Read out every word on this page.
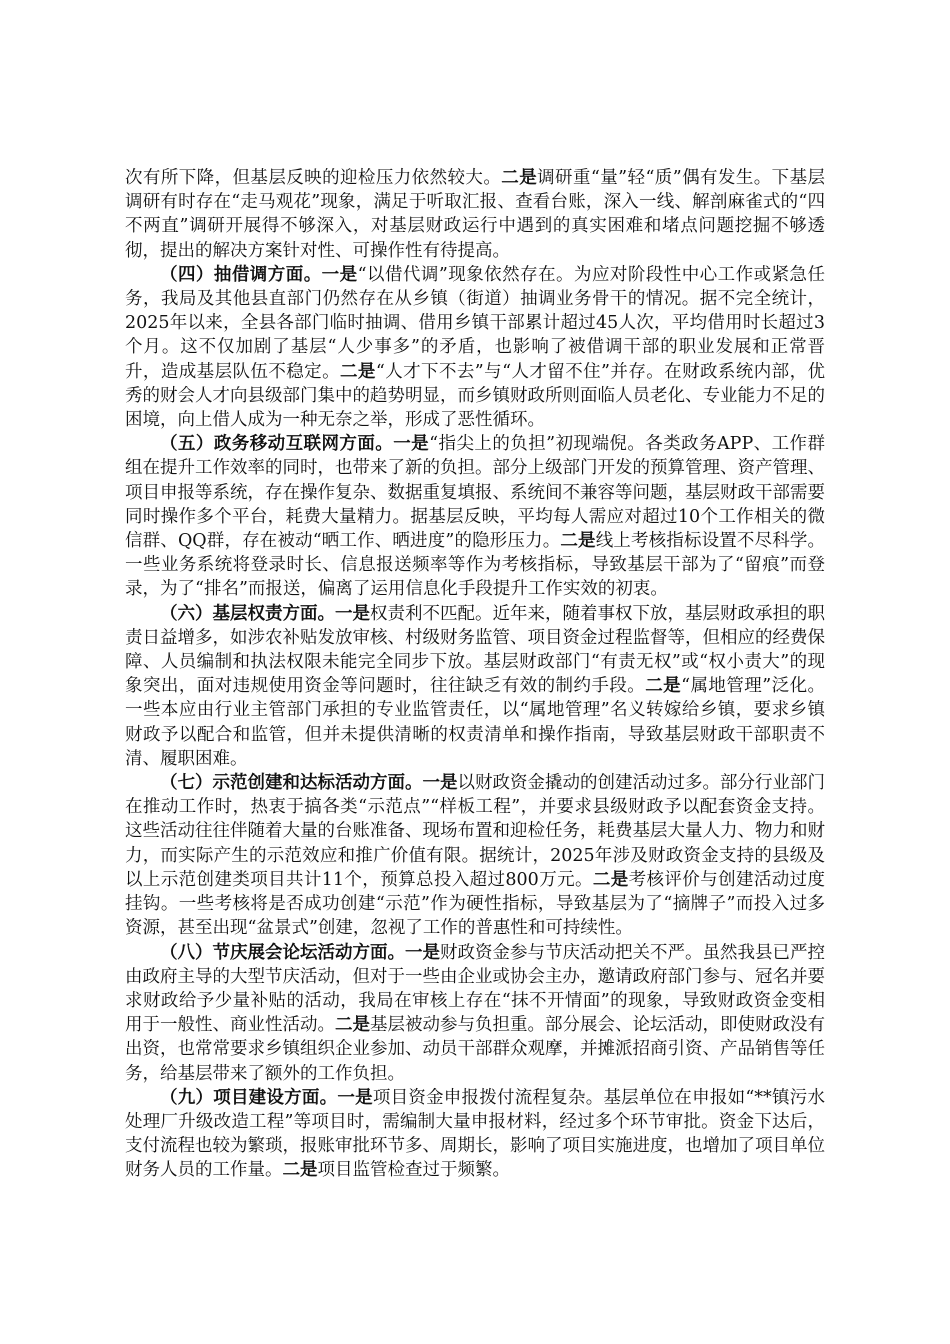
次有所下降，但基层反映的迎检压力依然较大。二是调研重“量”轻“质”偶有发生。下基层调研有时存在“走马观花”现象，满足于听取汇报、查看台账，深入一线、解剖麻雀式的“四不两直”调研开展得不够深入，对基层财政运行中遇到的真实困难和堵点问题挖掘不够透彻，提出的解决方案针对性、可操作性有待提高。

（四）抽借调方面。一是“以借代调”现象依然存在。为应对阶段性中心工作或紧急任务，我局及其他县直部门仍然存在从乡镇（街道）抽调业务骨干的情况。据不完全统计，2025年以来，全县各部门临时抽调、借用乡镇干部累计超过45人次，平均借用时长超过3个月。这不仅加剧了基层“人少事多”的矛盾，也影响了被借调干部的职业发展和正常晋升，造成基层队伍不稳定。二是“人才下不去”与“人才留不住”并存。在财政系统内部，优秀的财会人才向县级部门集中的趋势明显，而乡镇财政所则面临人员老化、专业能力不足的困境，向上借人成为一种无奈之举，形成了恶性循环。

（五）政务移动互联网方面。一是“指尖上的负担”初现端倪。各类政务APP、工作群组在提升工作效率的同时，也带来了新的负担。部分上级部门开发的预算管理、资产管理、项目申报等系统，存在操作复杂、数据重复填报、系统间不兼容等问题，基层财政干部需要同时操作多个平台，耗费大量精力。据基层反映，平均每人需应对超过10个工作相关的微信群、QQ群，存在被动“晒工作、晒进度”的隐形压力。二是线上考核指标设置不尽科学。一些业务系统将登录时长、信息报送频率等作为考核指标，导致基层干部为了“留痕”而登录，为了“排名”而报送，偏离了运用信息化手段提升工作实效的初衷。

（六）基层权责方面。一是权责利不匹配。近年来，随着事权下放，基层财政承担的职责日益增多，如涉农补贴发放审核、村级财务监管、项目资金过程监督等，但相应的经费保障、人员编制和执法权限未能完全同步下放。基层财政部门“有责无权”或“权小责大”的现象突出，面对违规使用资金等问题时，往往缺乏有效的制约手段。二是“属地管理”泛化。一些本应由行业主管部门承担的专业监管责任，以“属地管理”名义转嫁给乡镇，要求乡镇财政予以配合和监管，但并未提供清晰的权责清单和操作指南，导致基层财政干部职责不清、履职困难。

（七）示范创建和达标活动方面。一是以财政资金撬动的创建活动过多。部分行业部门在推动工作时，热衷于搞各类“示范点”“样板工程”，并要求县级财政予以配套资金支持。这些活动往往伴随着大量的台账准备、现场布置和迎检任务，耗费基层大量人力、物力和财力，而实际产生的示范效应和推广价值有限。据统计，2025年涉及财政资金支持的县级及以上示范创建类项目共计11个，预算总投入超过800万元。二是考核评价与创建活动过度挂钩。一些考核将是否成功创建“示范”作为硬性指标，导致基层为了“摘牌子”而投入过多资源，甚至出现“盆景式”创建，忽视了工作的普惠性和可持续性。

（八）节庆展会论坛活动方面。一是财政资金参与节庆活动把关不严。虽然我县已严控由政府主导的大型节庆活动，但对于一些由企业或协会主办，邀请政府部门参与、冠名并要求财政给予少量补贴的活动，我局在审核上存在“抹不开情面”的现象，导致财政资金变相用于一般性、商业性活动。二是基层被动参与负担重。部分展会、论坛活动，即使财政没有出资，也常常要求乡镇组织企业参加、动员干部群众观摩，并摊派招商引资、产品销售等任务，给基层带来了额外的工作负担。

（九）项目建设方面。一是项目资金申报拨付流程复杂。基层单位在申报如“**镇污水处理厂升级改造工程”等项目时，需编制大量申报材料，经过多个环节审批。资金下达后，支付流程也较为繁琐，报账审批环节多、周期长，影响了项目实施进度，也增加了项目单位财务人员的工作量。二是项目监管检查过于频繁。
